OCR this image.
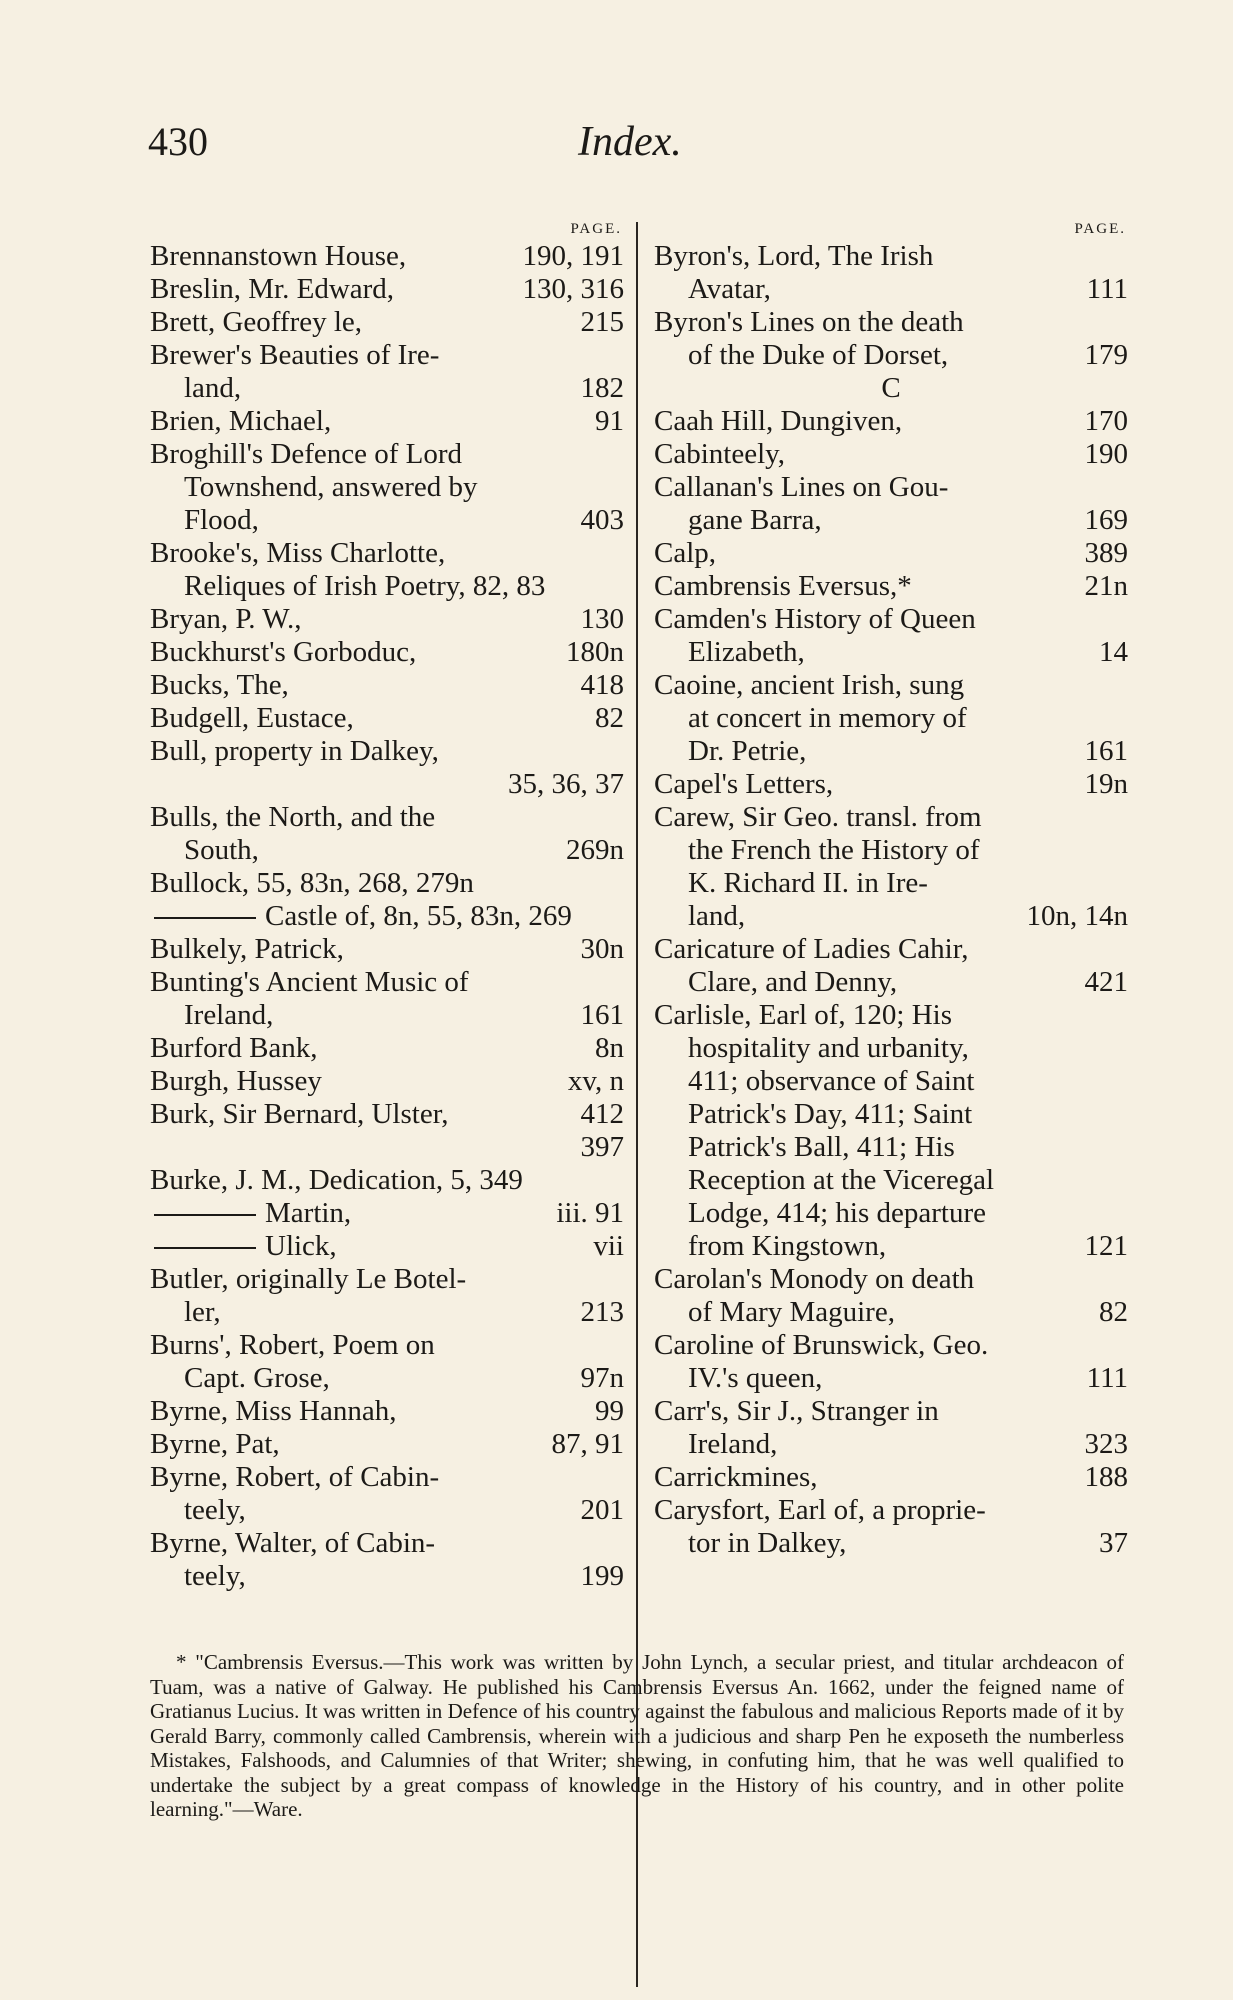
430	Index.
PAGE.
Brennanstown House,	190, 191
Breslin, Mr. Edward,	130, 316
Brett, Geoffrey le,	215
Brewer's Beauties of Ire-
land,	182
Brien, Michael,	91
Broghill's Defence of Lord
Townshend, answered by
Flood,	403
Brooke's, Miss Charlotte,
Reliques of Irish Poetry, 82, 83
Bryan, P. W.,	130
Buckhurst's Gorboduc,	180n
Bucks, The,	418
Budgell, Eustace,	82
Bull, property in Dalkey,
35, 36, 37
Bulls, the North, and the
South,	269n
Bullock, 55, 83n, 268, 279n
Castle of, 8n, 55, 83n, 269
Bulkely, Patrick,	30n
Bunting's Ancient Music of
Ireland,	161
Burford Bank,	8n
Burgh, Hussey	xv, n
Burk, Sir Bernard, Ulster,	412
397
Burke, J. M., Dedication, 5, 349
Martin,	iii. 91
Ulick,	vii
Butler, originally Le Botel-
ler,	213
Burns', Robert, Poem on
Capt. Grose,	97n
Byrne, Miss Hannah,	99
Byrne, Pat,	87, 91
Byrne, Robert, of Cabin-
teely,	201
Byrne, Walter, of Cabin-
teely,	199
PAGE.
Byron's, Lord, The Irish
Avatar,	111
Byron's Lines on the death
of the Duke of Dorset,	179
C
Caah Hill, Dungiven,	170
Cabinteely,	190
Callanan's Lines on Gou-
gane Barra,	169
Calp,	389
Cambrensis Eversus,*	21n
Camden's History of Queen
Elizabeth,	14
Caoine, ancient Irish, sung
at concert in memory of
Dr. Petrie,	161
Capel's Letters,	19n
Carew, Sir Geo. transl. from
the French the History of
K. Richard II. in Ire-
land,	10n, 14n
Caricature of Ladies Cahir,
Clare, and Denny,	421
Carlisle, Earl of, 120; His
hospitality and urbanity,
411; observance of Saint
Patrick's Day, 411; Saint
Patrick's Ball, 411; His
Reception at the Viceregal
Lodge, 414; his departure
from Kingstown,	121
Carolan's Monody on death
of Mary Maguire,	82
Caroline of Brunswick, Geo.
IV.'s queen,	111
Carr's, Sir J., Stranger in
Ireland,	323
Carrickmines,	188
Carysfort, Earl of, a proprie-
tor in Dalkey,	37

* "Cambrensis Eversus.—This work was written by John Lynch, a secular priest, and titular archdeacon of Tuam, was a native of Galway. He published his Cambrensis Eversus An. 1662, under the feigned name of Gratianus Lucius. It was written in Defence of his country against the fabulous and malicious Reports made of it by Gerald Barry, commonly called Cambrensis, wherein with a judicious and sharp Pen he exposeth the numberless Mistakes, Falshoods, and Calumnies of that Writer; shewing, in confuting him, that he was well qualified to undertake the subject by a great compass of knowledge in the History of his country, and in other polite learning."—Ware.
